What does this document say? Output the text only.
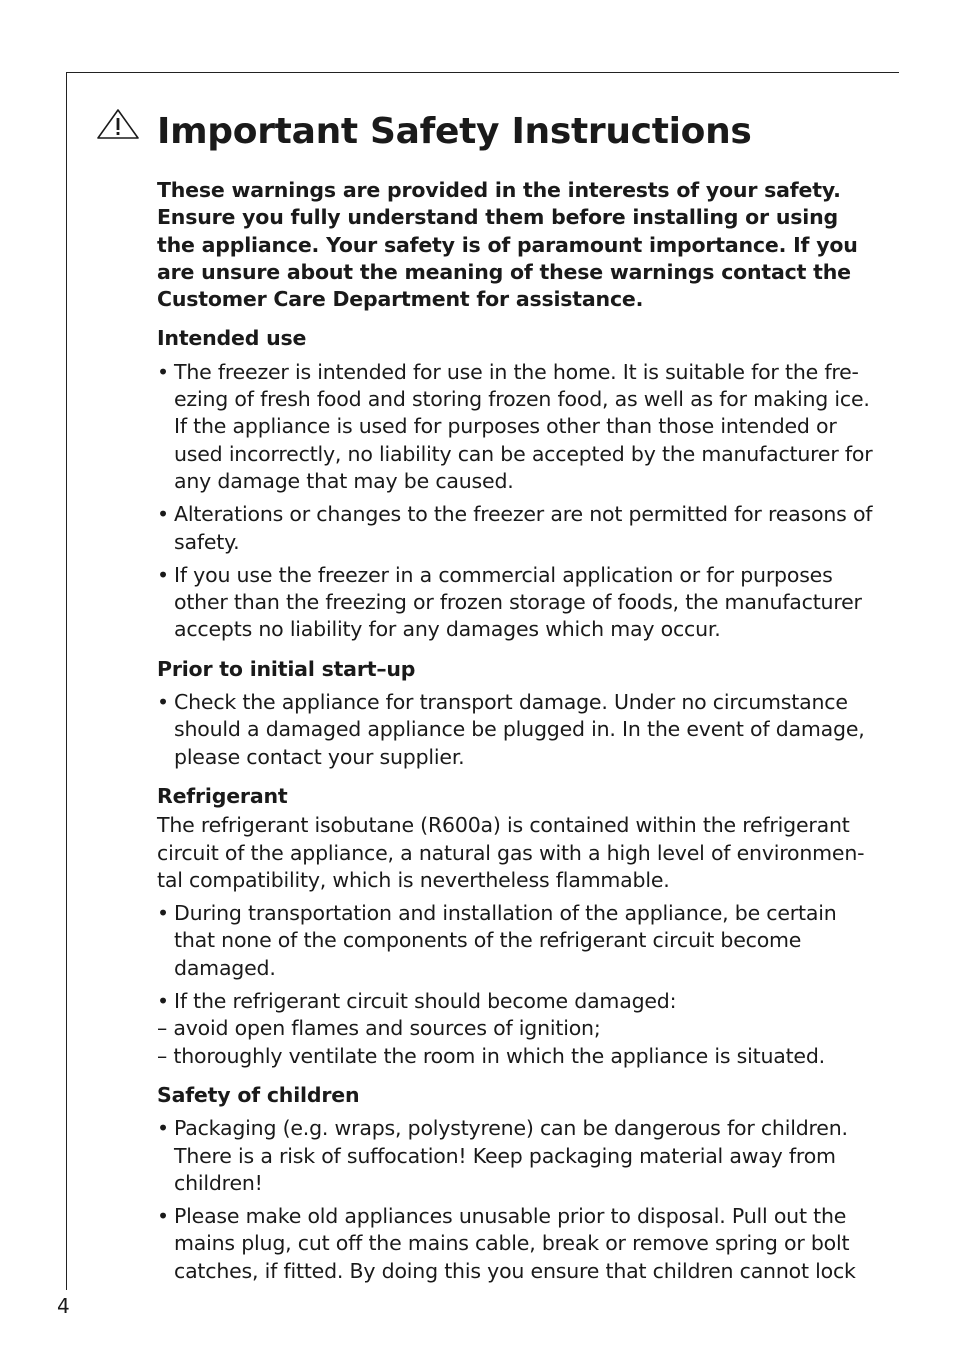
Important Safety Instructions

These warnings are provided in the interests of your safety. Ensure you fully understand them before installing or using the appliance. Your safety is of paramount importance. If you are unsure about the meaning of these warnings contact the Customer Care Department for assistance.

Intended use

• The freezer is intended for use in the home. It is suitable for the fre- ezing of fresh food and storing frozen food, as well as for making ice. If the appliance is used for purposes other than those intended or used incorrectly, no liability can be accepted by the manufacturer for any damage that may be caused.

• Alterations or changes to the freezer are not permitted for reasons of safety.

• If you use the freezer in a commercial application or for purposes other than the freezing or frozen storage of foods, the manufacturer accepts no liability for any damages which may occur.

Prior to initial start–up

• Check the appliance for transport damage. Under no circumstance should a damaged appliance be plugged in. In the event of damage, please contact your supplier.

Refrigerant

The refrigerant isobutane (R600a) is contained within the refrigerant circuit of the appliance, a natural gas with a high level of environmen- tal compatibility, which is nevertheless flammable.

• During transportation and installation of the appliance, be certain that none of the components of the refrigerant circuit become damaged.

• If the refrigerant circuit should become damaged:

– avoid open flames and sources of ignition;

– thoroughly ventilate the room in which the appliance is situated.

Safety of children

• Packaging (e.g. wraps, polystyrene) can be dangerous for children. There is a risk of suffocation! Keep packaging material away from children!

• Please make old appliances unusable prior to disposal. Pull out the mains plug, cut off the mains cable, break or remove spring or bolt catches, if fitted. By doing this you ensure that children cannot lock

4
